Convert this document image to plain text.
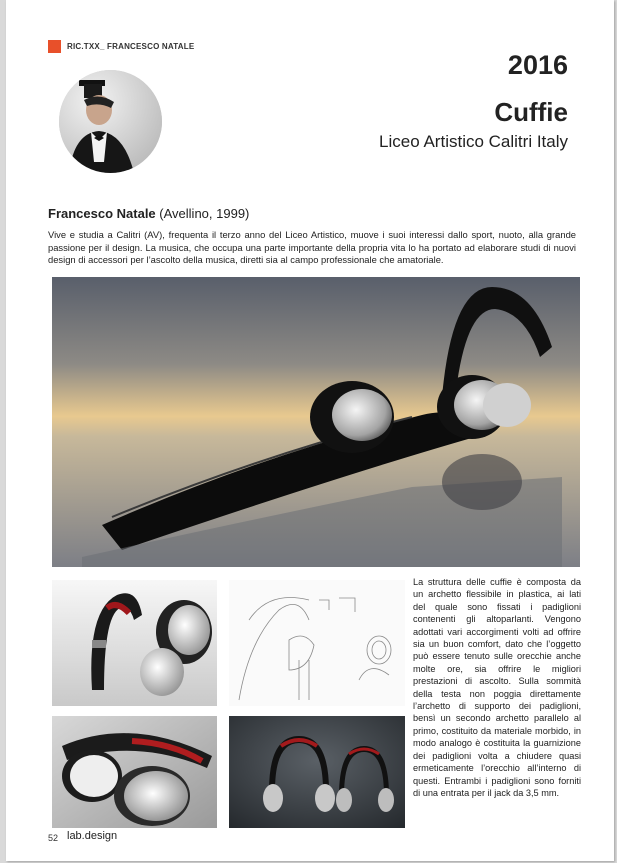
RIC.TXX_ FRANCESCO NATALE
2016
Cuffie
Liceo Artistico Calitri Italy
Francesco Natale (Avellino, 1999)
Vive e studia a Calitri (AV), frequenta il terzo anno del Liceo Artistico, muove i suoi interessi dallo sport, nuoto, alla grande passione per il design. La musica, che occupa una parte importante della propria vita lo ha portato ad elaborare studi di nuovi design di accessori per l’ascolto della musica, diretti sia al campo professionale che amatoriale.
La struttura delle cuffie è composta da un archetto flessibile in plastica, ai lati del quale sono fissati i padiglioni contenenti gli altoparlanti. Vengono adottati vari accorgimenti volti ad offrire sia un buon comfort, dato che l’oggetto può essere tenuto sulle orecchie anche molte ore, sia offrire le migliori prestazioni di ascolto. Sulla sommità della testa non poggia direttamente l’archetto di supporto dei padiglioni, bensì un secondo archetto parallelo al primo, costituito da materiale morbido, in modo analogo è costituita la guarnizione dei padiglioni volta a chiudere quasi ermeticamente l’orecchio all’interno di questi. Entrambi i padiglioni sono forniti di una entrata per il jack da 3,5 mm.
52 lab.design
